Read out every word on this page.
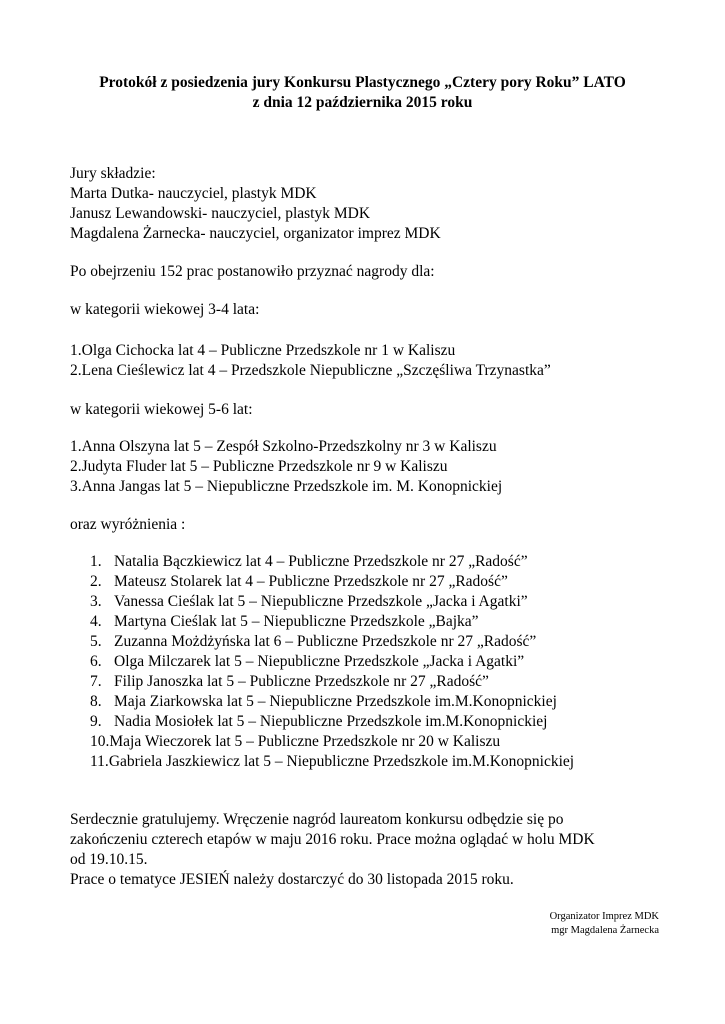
Protokół z posiedzenia jury Konkursu Plastycznego „Cztery pory Roku” LATO
z dnia 12 października 2015 roku
Jury składzie:
Marta Dutka- nauczyciel, plastyk MDK
Janusz Lewandowski- nauczyciel, plastyk MDK
Magdalena Żarnecka- nauczyciel, organizator imprez MDK
Po obejrzeniu 152 prac postanowiło przyznać nagrody dla:
w kategorii wiekowej 3-4 lata:
1.Olga Cichocka lat 4 – Publiczne Przedszkole nr 1 w Kaliszu
2.Lena Cieślewicz lat 4 – Przedszkole Niepubliczne „Szczęśliwa Trzynastka”
w kategorii wiekowej 5-6 lat:
1.Anna Olszyna lat 5 – Zespół Szkolno-Przedszkolny nr 3 w Kaliszu
2.Judyta Fluder lat 5 – Publiczne Przedszkole nr 9 w Kaliszu
3.Anna Jangas lat 5 – Niepubliczne Przedszkole im. M. Konopnickiej
oraz wyróżnienia :
1. Natalia Bączkiewicz lat 4 – Publiczne Przedszkole nr 27 „Radość”
2. Mateusz Stolarek lat 4 – Publiczne Przedszkole nr 27 „Radość”
3. Vanessa Cieślak lat 5 – Niepubliczne Przedszkole „Jacka i Agatki”
4. Martyna Cieślak lat 5 – Niepubliczne Przedszkole „Bajka”
5. Zuzanna Możdżyńska lat 6 – Publiczne Przedszkole nr 27 „Radość”
6. Olga Milczarek lat 5 – Niepubliczne Przedszkole „Jacka i Agatki”
7. Filip Janoszka lat 5 – Publiczne Przedszkole nr 27 „Radość”
8. Maja Ziarkowska lat 5 – Niepubliczne Przedszkole im.M.Konopnickiej
9. Nadia Mosiołek lat 5 – Niepubliczne Przedszkole im.M.Konopnickiej
10.Maja Wieczorek lat 5 – Publiczne Przedszkole nr 20 w Kaliszu
11.Gabriela Jaszkiewicz lat 5 – Niepubliczne Przedszkole im.M.Konopnickiej
Serdecznie gratulujemy. Wręczenie nagród laureatom konkursu odbędzie się po
zakończeniu czterech etapów w maju 2016 roku. Prace można oglądać w holu MDK
od 19.10.15.
Prace o tematyce JESIEŃ należy dostarczyć do 30 listopada 2015 roku.
Organizator Imprez MDK
mgr Magdalena Żarnecka
